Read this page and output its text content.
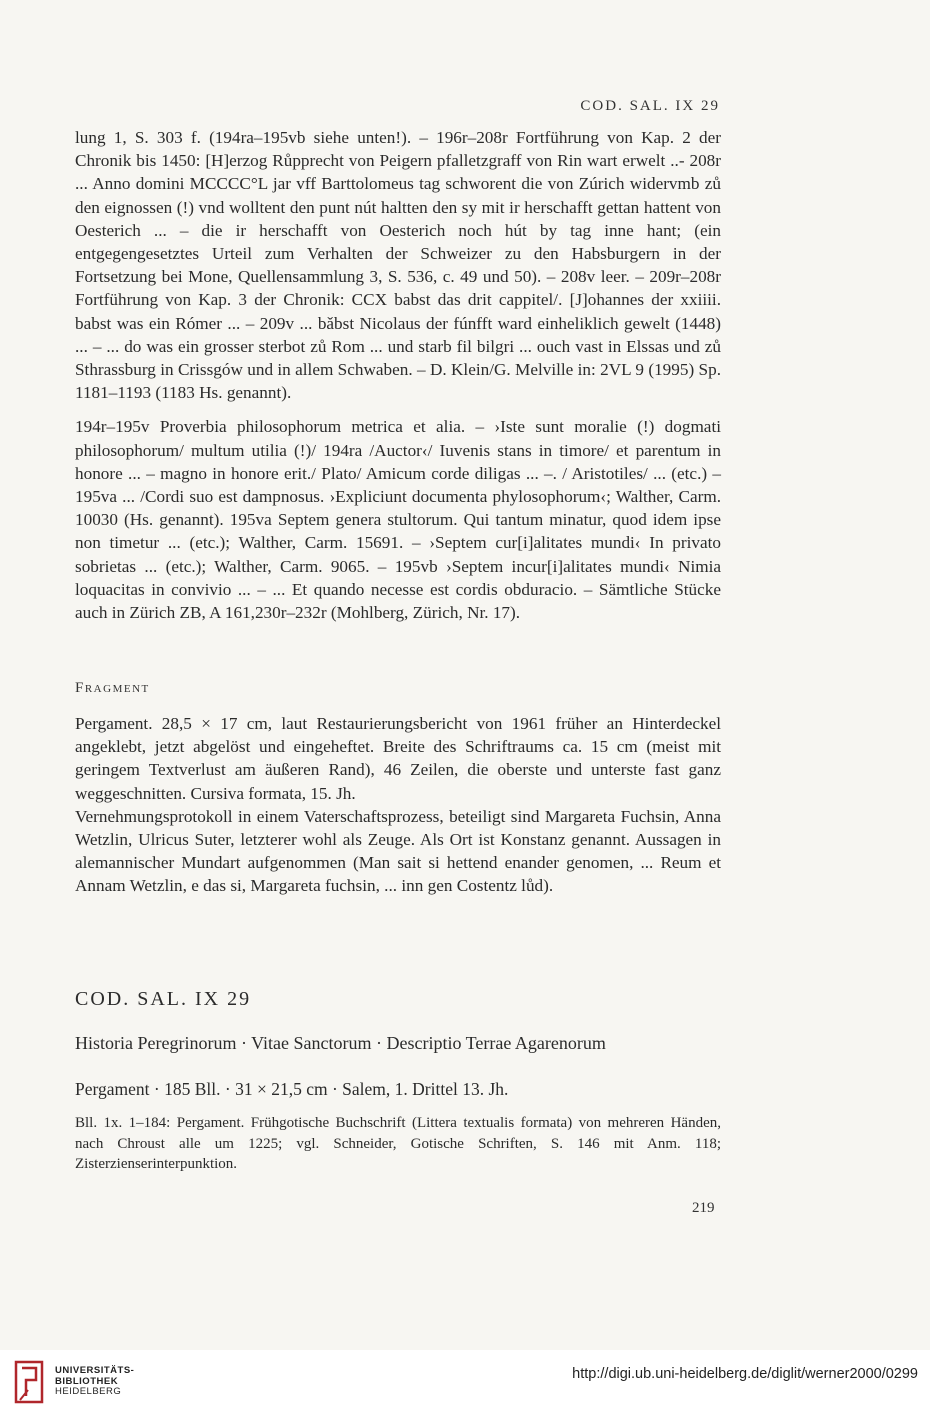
COD. SAL. IX 29

lung 1, S. 303 f. (194ra–195vb siehe unten!). – 196r–208r Fortführung von Kap. 2 der Chronik bis 1450: [H]erzog Růpprecht von Peigern pfalletzgraff von Rin wart erwelt ..- 208r ... Anno domini MCCCC°L jar vff Barttolomeus tag schworent die von Zúrich widervmb zů den eignossen (!) vnd wolltent den punt nút haltten den sy mit ir herschafft gettan hattent von Oesterich ... – die ir herschafft von Oesterich noch hút by tag inne hant; (ein entgegengesetztes Urteil zum Verhalten der Schweizer zu den Habsburgern in der Fortsetzung bei Mone, Quellensammlung 3, S. 536, c. 49 und 50). – 208v leer. – 209r–208r Fortführung von Kap. 3 der Chronik: CCX babst das drit cappitel/. [J]ohannes der xxiiii. babst was ein Rómer ... – 209v ... bǎbst Nicolaus der fúnfft ward einheliklich gewelt (1448) ... – ... do was ein grosser sterbot zů Rom ... und starb fil bilgri ... ouch vast in Elssas und zů Sthrassburg in Crissgów und in allem Schwaben. – D. Klein/G. Melville in: 2VL 9 (1995) Sp. 1181–1193 (1183 Hs. genannt).

194r–195v Proverbia philosophorum metrica et alia. – ›Iste sunt moralie (!) dogmati philosophorum/ multum utilia (!)/ 194ra /Auctor‹/ Iuvenis stans in timore/ et parentum in honore ... – magno in honore erit./ Plato/ Amicum corde diligas ... –. / Aristotiles/ ... (etc.) – 195va ... /Cordi suo est dampnosus. ›Expliciunt documenta phylosophorum‹; Walther, Carm. 10030 (Hs. genannt). 195va Septem genera stultorum. Qui tantum minatur, quod idem ipse non timetur ... (etc.); Walther, Carm. 15691. – ›Septem cur[i]alitates mundi‹ In privato sobrietas ... (etc.); Walther, Carm. 9065. – 195vb ›Septem incur[i]alitates mundi‹ Nimia loquacitas in convivio ... – ... Et quando necesse est cordis obduracio. – Sämtliche Stücke auch in Zürich ZB, A 161,230r–232r (Mohlberg, Zürich, Nr. 17).

Fragment

Pergament. 28,5 × 17 cm, laut Restaurierungsbericht von 1961 früher an Hinterdeckel angeklebt, jetzt abgelöst und eingeheftet. Breite des Schriftraums ca. 15 cm (meist mit geringem Textverlust am äußeren Rand), 46 Zeilen, die oberste und unterste fast ganz weggeschnitten. Cursiva formata, 15. Jh.

Vernehmungsprotokoll in einem Vaterschaftsprozess, beteiligt sind Margareta Fuchsin, Anna Wetzlin, Ulricus Suter, letzterer wohl als Zeuge. Als Ort ist Konstanz genannt. Aussagen in alemannischer Mundart aufgenommen (Man sait si hettend enander genomen, ... Reum et Annam Wetzlin, e das si, Margareta fuchsin, ... inn gen Costentz lůd).

COD. SAL. IX 29
Historia Peregrinorum · Vitae Sanctorum · Descriptio Terrae Agarenorum
Pergament · 185 Bll. · 31 × 21,5 cm · Salem, 1. Drittel 13. Jh.
Bll. 1x. 1–184: Pergament. Frühgotische Buchschrift (Littera textualis formata) von mehreren Händen, nach Chroust alle um 1225; vgl. Schneider, Gotische Schriften, S. 146 mit Anm. 118; Zisterzienserinterpunktion.
219
UNIVERSITÄTS-
BIBLIOTHEK
HEIDELBERG
http://digi.ub.uni-heidelberg.de/diglit/werner2000/0299
